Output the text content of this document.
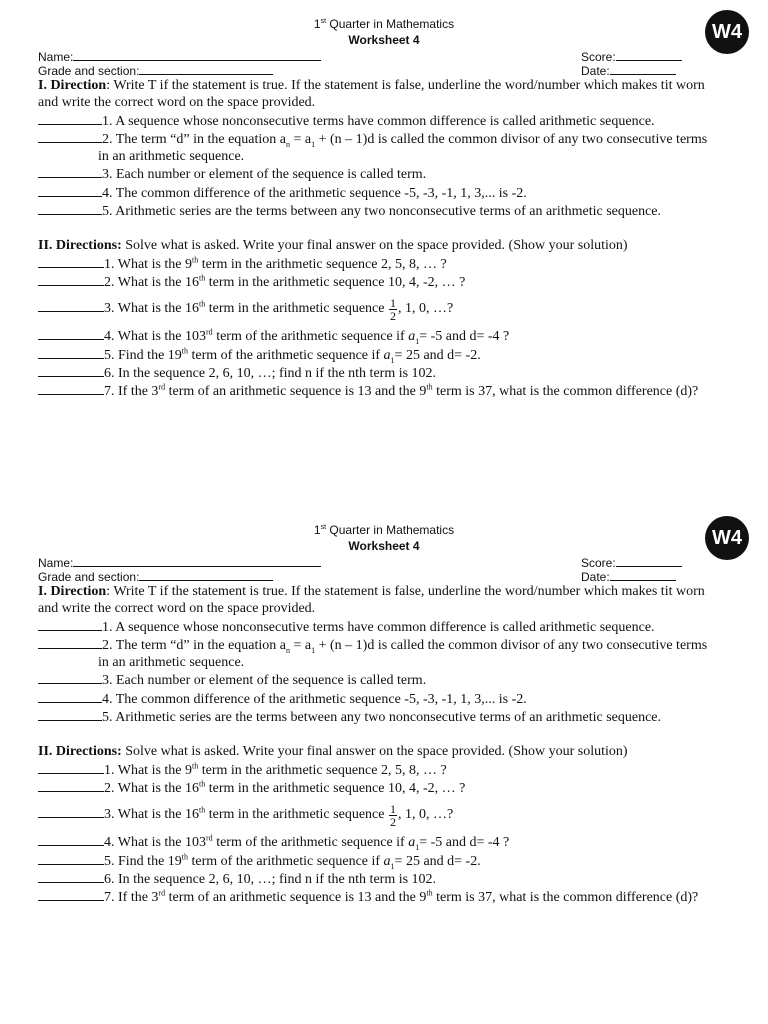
1st Quarter in Mathematics
Worksheet 4	W4
Name:	Score:
Grade and section:	Date:
I. Direction: Write T if the statement is true. If the statement is false, underline the word/number which makes tit worn
and write the correct word on the space provided.
1. A sequence whose nonconsecutive terms have common difference is called arithmetic sequence.
2. The term “d” in the equation $a_n = a_1 + (n - 1)d$ is called the common divisor of any two consecutive terms
in an arithmetic sequence.
3. Each number or element of the sequence is called term.
4. The common difference of the arithmetic sequence -5, -3, -1, 1, 3,... is -2.
5. Arithmetic series are the terms between any two nonconsecutive terms of an arithmetic sequence.
II. Directions: Solve what is asked. Write your final answer on the space provided. (Show your solution)
1. What is the 9th term in the arithmetic sequence 2, 5, 8, … ?
2. What is the 16th term in the arithmetic sequence 10, 4, -2, … ?
3. What is the 16th term in the arithmetic sequence $\frac{1}{2}$ , 1, 0, …?
4. What is the 103rd term of the arithmetic sequence if $a_1= -5$ and d= -4 ?
5. Find the 19th term of the arithmetic sequence if $a_1= 25$ and d= -2.
6. In the sequence 2, 6, 10, …; find n if the nth term is 102.
7. If the 3rd term of an arithmetic sequence is 13 and the 9th term is 37, what is the common difference (d)?
1st Quarter in Mathematics
Worksheet 4	W4
Name:	Score:
Grade and section:	Date:
I. Direction: Write T if the statement is true. If the statement is false, underline the word/number which makes tit worn
and write the correct word on the space provided.
1. A sequence whose nonconsecutive terms have common difference is called arithmetic sequence.
2. The term “d” in the equation $a_n = a_1 + (n - 1)d$ is called the common divisor of any two consecutive terms
in an arithmetic sequence.
3. Each number or element of the sequence is called term.
4. The common difference of the arithmetic sequence -5, -3, -1, 1, 3,... is -2.
5. Arithmetic series are the terms between any two nonconsecutive terms of an arithmetic sequence.
II. Directions: Solve what is asked. Write your final answer on the space provided. (Show your solution)
1. What is the 9th term in the arithmetic sequence 2, 5, 8, … ?
2. What is the 16th term in the arithmetic sequence 10, 4, -2, … ?
3. What is the 16th term in the arithmetic sequence $\frac{1}{2}$ , 1, 0, …?
4. What is the 103rd term of the arithmetic sequence if $a_1= -5$ and d= -4 ?
5. Find the 19th term of the arithmetic sequence if $a_1= 25$ and d= -2.
6. In the sequence 2, 6, 10, …; find n if the nth term is 102.
7. If the 3rd term of an arithmetic sequence is 13 and the 9th term is 37, what is the common difference (d)?
